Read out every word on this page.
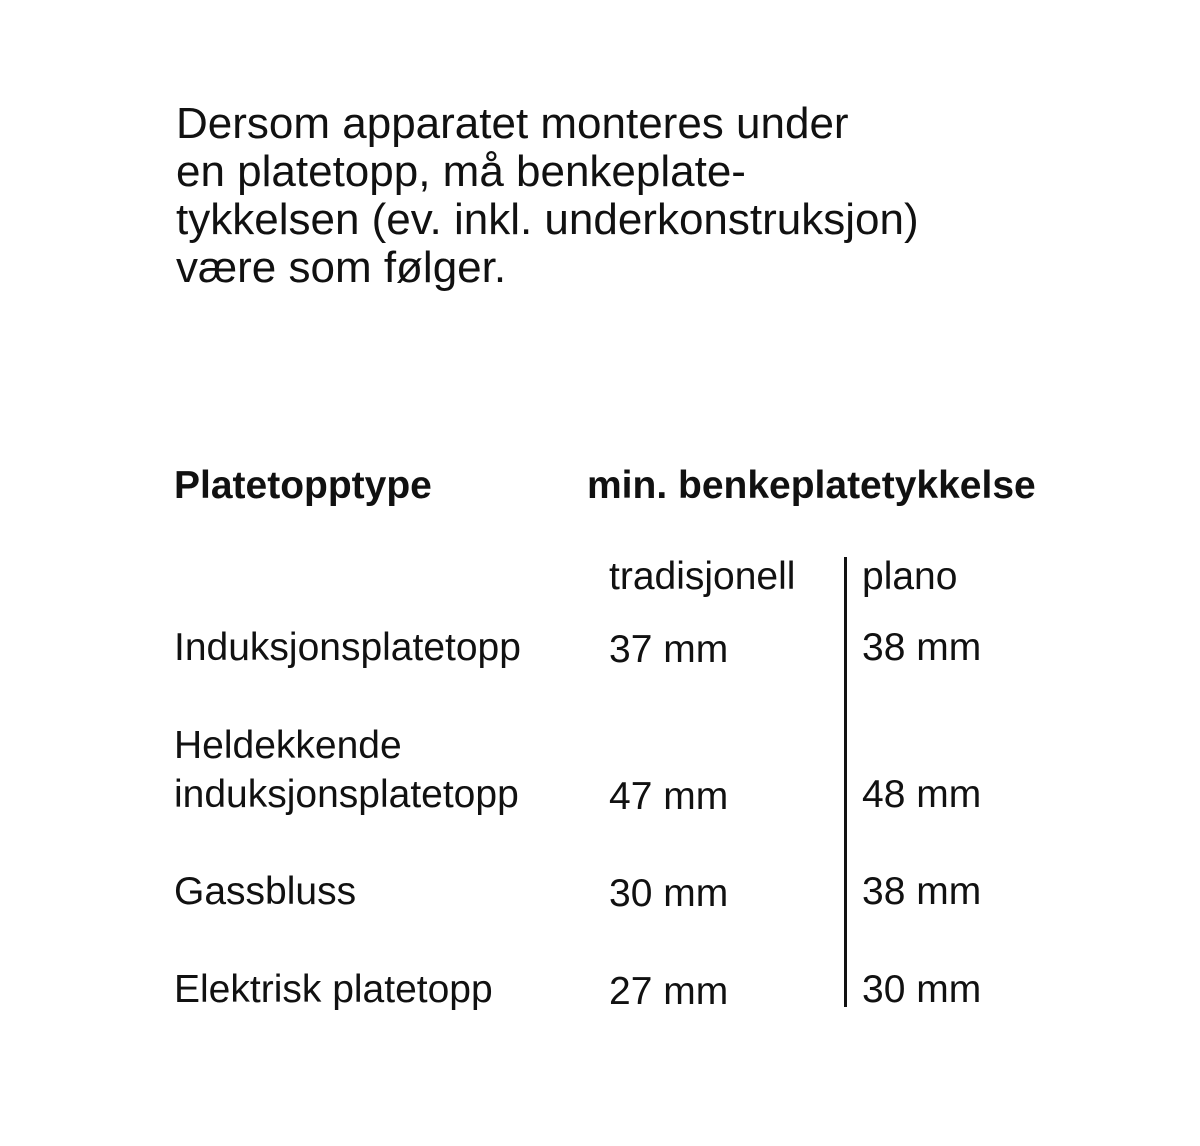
Dersom apparatet monteres under
en platetopp, må benkeplate-
tykkelsen (ev. inkl. underkonstruksjon)
være som følger.
Platetopptype	min. benkeplatetykkelse
tradisjonell plano
Induksjonsplatetopp 37 mm	38 mm
Heldekkende
induksjonsplatetopp 47 mm	48 mm
Gassbluss	30 mm	38 mm
Elektrisk platetopp	27 mm	30 mm
